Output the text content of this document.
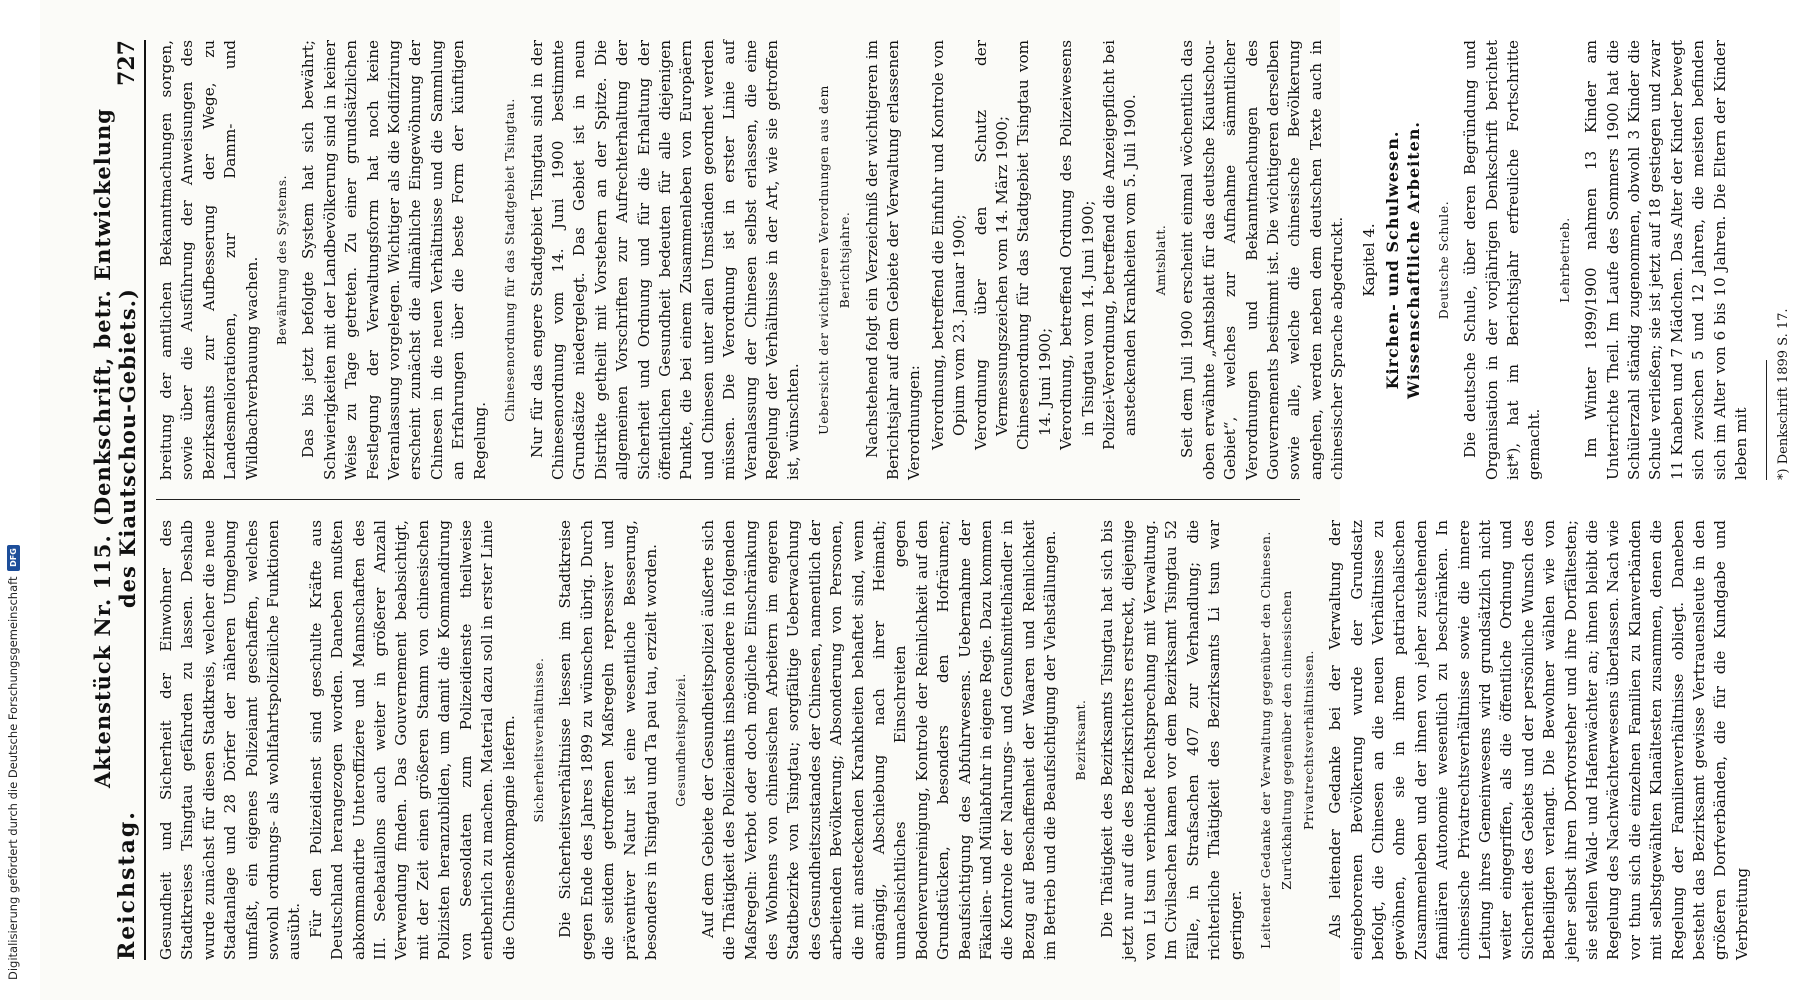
Digitalisierung gefördert durch die Deutsche Forschungsgemeinschaft
DFG
Reichstag.
Aktenstück Nr. 115. (Denkschrift, betr. Entwickelung des Kiautschou-Gebiets.)
727

Gesundheit und Sicherheit der Einwohner des Stadtkreises Tsingtau gefährden zu lassen. Deshalb wurde zunächst für diesen Stadtkreis, welcher die neue Stadtanlage und 28 Dörfer der näheren Umgebung umfaßt, ein eigenes Polizeiamt geschaffen, welches sowohl ordnungs- als wohlfahrtspolizeiliche Funktionen ausübt. Für den Polizeidienst sind geschulte Kräfte aus Deutschland herangezogen worden. Daneben mußten abkommandirte Unteroffiziere und Mannschaften des III. Seebataillons auch weiter in größerer Anzahl Verwendung finden. Das Gouvernement beabsichtigt, mit der Zeit einen größeren Stamm von chinesischen Polizisten heranzubilden, um damit die Kommandirung von Seesoldaten zum Polizeidienste theilweise entbehrlich zu machen. Material dazu soll in erster Linie die Chinesenkompagnie liefern. Sicherheitsverhältnisse. Die Sicherheitsverhältnisse liessen im Stadtkreise gegen Ende des Jahres 1899 zu wünschen übrig. Durch die seitdem getroffenen Maßregeln repressiver und präventiver Natur ist eine wesentliche Besserung, besonders in Tsingtau und Ta pau tau, erzielt worden. Gesundheitspolizei. Auf dem Gebiete der Gesundheitspolizei äußerte sich die Thätigkeit des Polizeiamts insbesondere in folgenden Maßregeln: Verbot oder doch mögliche Einschränkung des Wohnens von chinesischen Arbeitern im engeren Stadtbezirke von Tsingtau; sorgfältige Ueberwachung des Gesundheitszustandes der Chinesen, namentlich der arbeitenden Bevölkerung; Absonderung von Personen, die mit ansteckenden Krankheiten behaftet sind, wenn angängig, Abschiebung nach ihrer Heimath; unnachsichtliches Einschreiten gegen Bodenverunreinigung, Kontrole der Reinlichkeit auf den Grundstücken, besonders den Hofräumen; Beaufsichtigung des Abfuhrwesens. Uebernahme der Fäkalien- und Müllabfuhr in eigene Regie. Dazu kommen die Kontrole der Nahrungs- und Genußmittelhändler in Bezug auf Beschaffenheit der Waaren und Reinlichkeit im Betrieb und die Beaufsichtigung der Viehställungen. Bezirksamt. Die Thätigkeit des Bezirksamts Tsingtau hat sich bis jetzt nur auf die des Bezirksrichters erstreckt, diejenige von Li tsun verbindet Rechtsprechung mit Verwaltung. Im Civilsachen kamen vor dem Bezirksamt Tsingtau 52 Fälle, in Strafsachen 407 zur Verhandlung; die richterliche Thätigkeit des Bezirksamts Li tsun war geringer. Leitender Gedanke der Verwaltung gegenüber den Chinesen. Zurückhaltung gegenüber den chinesischen Privatrechtsverhältnissen. Als leitender Gedanke bei der Verwaltung der eingeborenen Bevölkerung wurde der Grundsatz befolgt, die Chinesen an die neuen Verhältnisse zu gewöhnen, ohne sie in ihrem patriarchalischen Zusammenleben und der ihnen von jeher zustehenden familiären Autonomie wesentlich zu beschränken. In chinesische Privatrechtsverhältnisse sowie die innere Leitung ihres Gemeinwesens wird grundsätzlich nicht weiter eingegriffen, als die öffentliche Ordnung und Sicherheit des Gebiets und der persönliche Wunsch des Betheiligten verlangt. Die Bewohner wählen wie von jeher selbst ihren Dorfvorsteher und ihre Dorfältesten; sie stellen Wald- und Hafenwächter an; ihnen bleibt die Regelung des Nachwächterwesens überlassen. Nach wie vor thun sich die einzelnen Familien zu Klanverbänden mit selbstgewählten Klanältesten zusammen, denen die Regelung der Familienverhältnisse obliegt. Daneben besteht das Bezirksamt gewisse Vertrauensleute in den größeren Dorfverbänden, die für die Kundgabe und Verbreitung

breitung der amtlichen Bekanntmachungen sorgen, sowie über die Ausführung der Anweisungen des Bezirksamts zur Aufbesserung der Wege, zu Landesmeliorationen, zur Damm- und Wildbachverbauung wachen. Bewährung des Systems. Das bis jetzt befolgte System hat sich bewährt; Schwierigkeiten mit der Landbevölkerung sind in keiner Weise zu Tage getreten. Zu einer grundsätzlichen Festlegung der Verwaltungsform hat noch keine Veranlassung vorgelegen. Wichtiger als die Kodifizirung erscheint zunächst die allmähliche Eingewöhnung der Chinesen in die neuen Verhältnisse und die Sammlung an Erfahrungen über die beste Form der künftigen Regelung.

Chinesenordnung für das Stadtgebiet Tsingtau. Nur für das engere Stadtgebiet Tsingtau sind in der Chinesenordnung vom 14. Juni 1900 bestimmte Grundsätze niedergelegt. Das Gebiet ist in neun Distrikte getheilt mit Vorstehern an der Spitze. Die allgemeinen Vorschriften zur Aufrechterhaltung der Sicherheit und Ordnung und für die Erhaltung der öffentlichen Gesundheit bedeuten für alle diejenigen Punkte, die bei einem Zusammenleben von Europäern und Chinesen unter allen Umständen geordnet werden müssen. Die Verordnung ist in erster Linie auf Veranlassung der Chinesen selbst erlassen, die eine Regelung der Verhältnisse in der Art, wie sie getroffen ist, wünschten. Uebersicht der wichtigeren Verordnungen aus dem Berichtsjahre. Nachstehend folgt ein Verzeichniß der wichtigeren im Berichtsjahr auf dem Gebiete der Verwaltung erlassenen Verordnungen: Verordnung, betreffend die Einfuhr und Kontrole von Opium vom 23. Januar 1900; Verordnung über den Schutz der Vermessungszeichen vom 14. März 1900; Chinesenordnung für das Stadtgebiet Tsingtau vom 14. Juni 1900; Verordnung, betreffend Ordnung des Polizeiwesens in Tsingtau vom 14. Juni 1900; Polizei-Verordnung, betreffend die Anzeigepflicht bei ansteckenden Krankheiten vom 5. Juli 1900. Amtsblatt. Seit dem Juli 1900 erscheint einmal wöchentlich das oben erwähnte „Amtsblatt für das deutsche Kiautschou-Gebiet“, welches zur Aufnahme sämmtlicher Verordnungen und Bekanntmachungen des Gouvernements bestimmt ist. Die wichtigeren derselben sowie alle, welche die chinesische Bevölkerung angehen, werden neben dem deutschen Texte auch in chinesischer Sprache abgedruckt. Kapitel 4. Kirchen- und Schulwesen. Wissenschaftliche Arbeiten. Deutsche Schule. Die deutsche Schule, über deren Begründung und Organisation in der vorjährigen Denkschrift berichtet ist*), hat im Berichtsjahr erfreuliche Fortschritte gemacht.

Lehrbetrieb. Im Winter 1899/1900 nahmen 13 Kinder am Unterrichte Theil. Im Laufe des Sommers 1900 hat die Schülerzahl ständig zugenommen, obwohl 3 Kinder die Schule verließen; sie ist jetzt auf 18 gestiegen und zwar 11 Knaben und 7 Mädchen. Das Alter der Kinder bewegt sich zwischen 5 und 12 Jahren, die meisten befinden sich im Alter von 6 bis 10 Jahren. Die Eltern der Kinder leben mit *) Denkschrift 1899 S. 17.
